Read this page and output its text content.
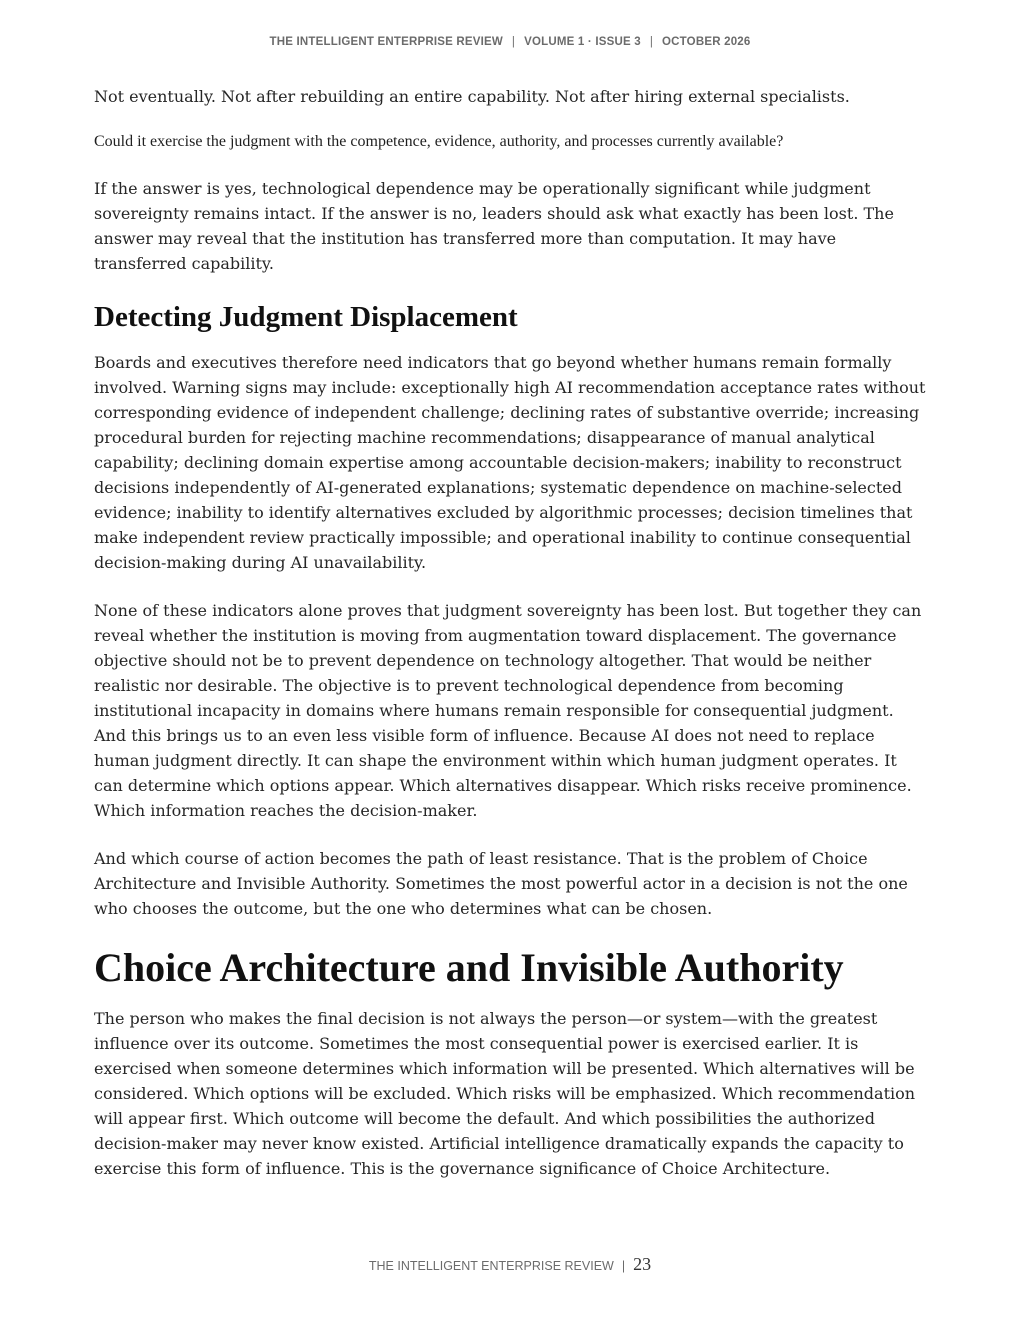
THE INTELLIGENT ENTERPRISE REVIEW | VOLUME 1 · ISSUE 3 | OCTOBER 2026

Not eventually. Not after rebuilding an entire capability. Not after hiring external specialists.

Could it exercise the judgment with the competence, evidence, authority, and processes currently available?

If the answer is yes, technological dependence may be operationally significant while judgment sovereignty remains intact. If the answer is no, leaders should ask what exactly has been lost. The answer may reveal that the institution has transferred more than computation. It may have transferred capability.

Detecting Judgment Displacement

Boards and executives therefore need indicators that go beyond whether humans remain formally involved. Warning signs may include: exceptionally high AI recommendation acceptance rates without corresponding evidence of independent challenge; declining rates of substantive override; increasing procedural burden for rejecting machine recommendations; disappearance of manual analytical capability; declining domain expertise among accountable decision-makers; inability to reconstruct decisions independently of AI-generated explanations; systematic dependence on machine-selected evidence; inability to identify alternatives excluded by algorithmic processes; decision timelines that make independent review practically impossible; and operational inability to continue consequential decision-making during AI unavailability.

None of these indicators alone proves that judgment sovereignty has been lost. But together they can reveal whether the institution is moving from augmentation toward displacement. The governance objective should not be to prevent dependence on technology altogether. That would be neither realistic nor desirable. The objective is to prevent technological dependence from becoming institutional incapacity in domains where humans remain responsible for consequential judgment. And this brings us to an even less visible form of influence. Because AI does not need to replace human judgment directly. It can shape the environment within which human judgment operates. It can determine which options appear. Which alternatives disappear. Which risks receive prominence. Which information reaches the decision-maker.

And which course of action becomes the path of least resistance. That is the problem of Choice Architecture and Invisible Authority. Sometimes the most powerful actor in a decision is not the one who chooses the outcome, but the one who determines what can be chosen.

Choice Architecture and Invisible Authority

The person who makes the final decision is not always the person—or system—with the greatest influence over its outcome. Sometimes the most consequential power is exercised earlier. It is exercised when someone determines which information will be presented. Which alternatives will be considered. Which options will be excluded. Which risks will be emphasized. Which recommendation will appear first. Which outcome will become the default. And which possibilities the authorized decision-maker may never know existed. Artificial intelligence dramatically expands the capacity to exercise this form of influence. This is the governance significance of Choice Architecture.

THE INTELLIGENT ENTERPRISE REVIEW | 23
